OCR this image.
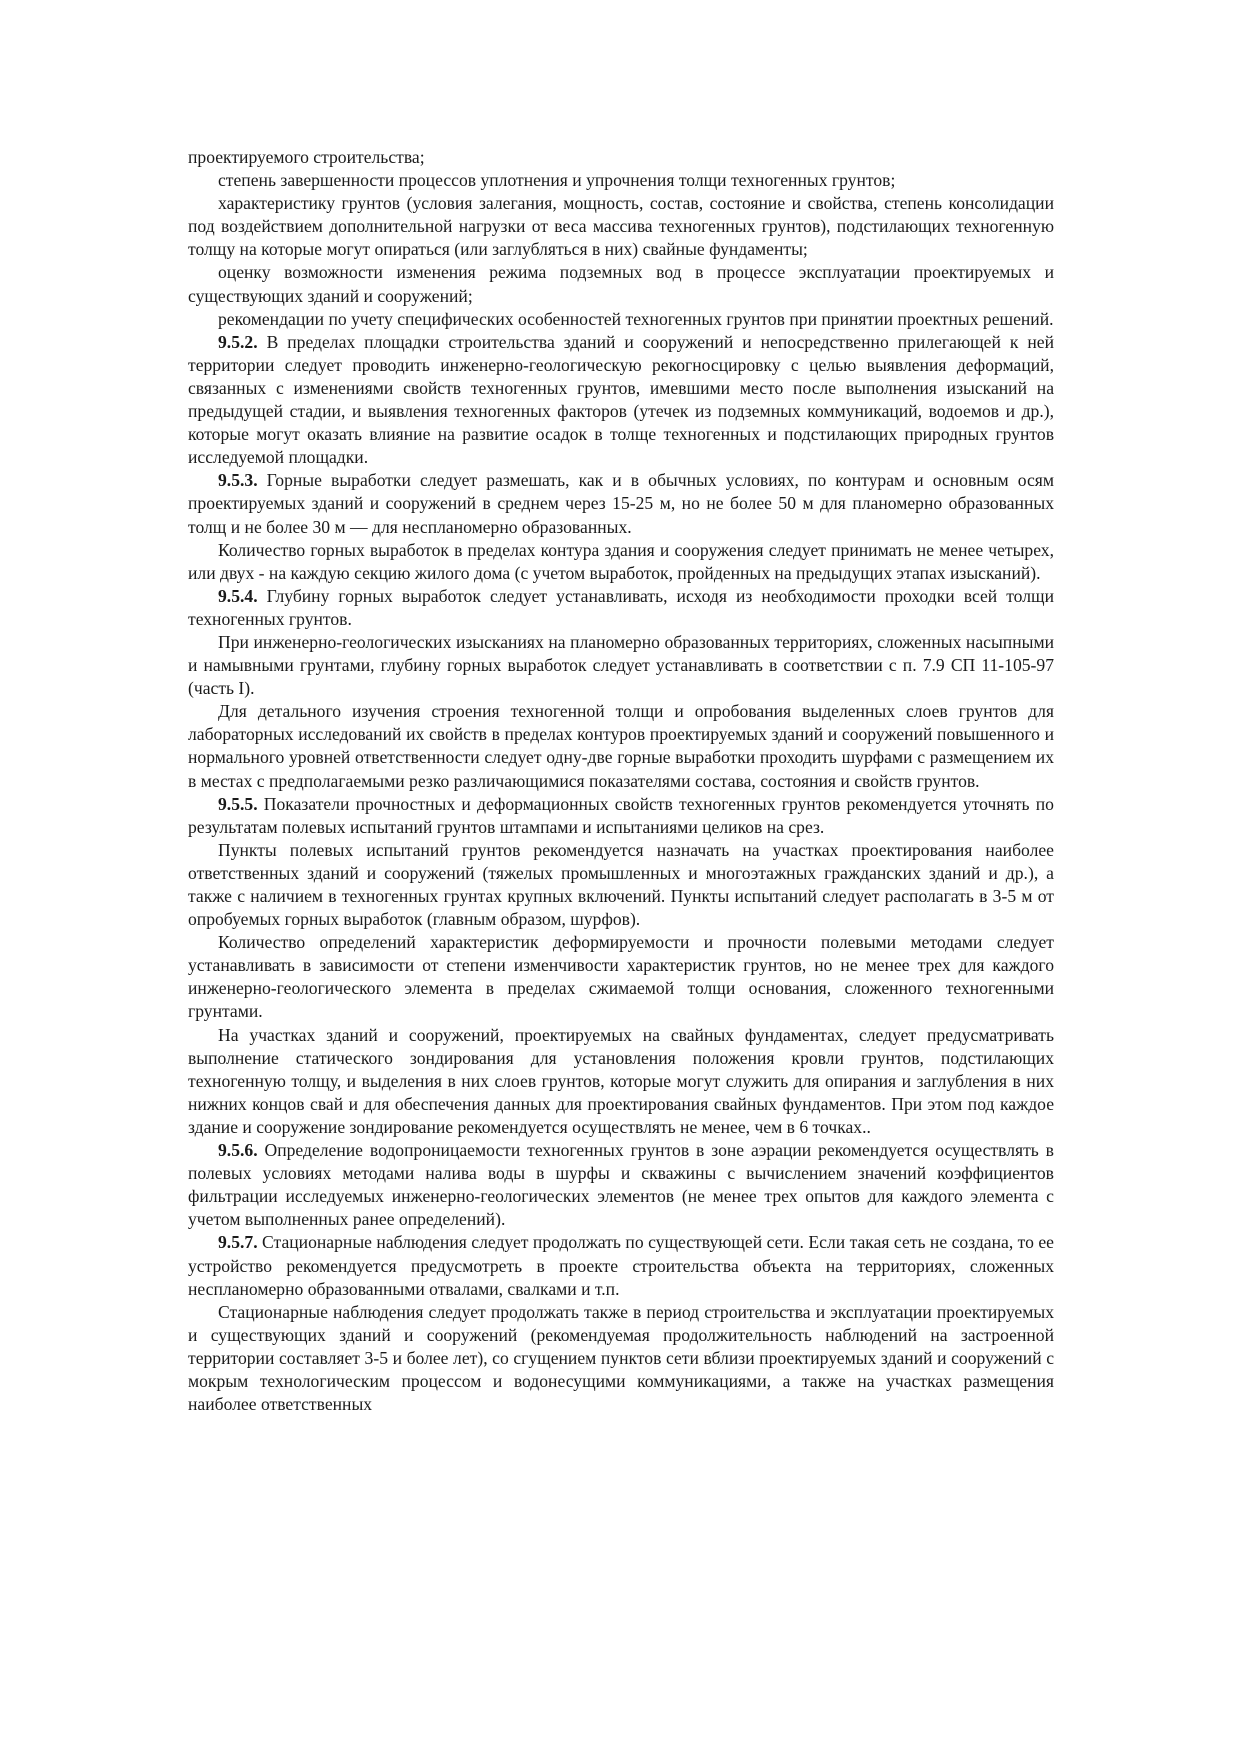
проектируемого строительства;

степень завершенности процессов уплотнения и упрочнения толщи техногенных грунтов;

характеристику грунтов (условия залегания, мощность, состав, состояние и свойства, степень консолидации под воздействием дополнительной нагрузки от веса массива техногенных грунтов), подстилающих техногенную толщу на которые могут опираться (или заглубляться в них) свайные фундаменты;

оценку возможности изменения режима подземных вод в процессе эксплуатации проектируемых и существующих зданий и сооружений;

рекомендации по учету специфических особенностей техногенных грунтов при принятии проектных решений.

9.5.2. В пределах площадки строительства зданий и сооружений и непосредственно прилегающей к ней территории следует проводить инженерно-геологическую рекогносцировку с целью выявления деформаций, связанных с изменениями свойств техногенных грунтов, имевшими место после выполнения изысканий на предыдущей стадии, и выявления техногенных факторов (утечек из подземных коммуникаций, водоемов и др.), которые могут оказать влияние на развитие осадок в толще техногенных и подстилающих природных грунтов исследуемой площадки.

9.5.3. Горные выработки следует размешать, как и в обычных условиях, по контурам и основным осям проектируемых зданий и сооружений в среднем через 15-25 м, но не более 50 м для планомерно образованных толщ и не более 30 м — для неспланомерно образованных.

Количество горных выработок в пределах контура здания и сооружения следует принимать не менее четырех, или двух - на каждую секцию жилого дома (с учетом выработок, пройденных на предыдущих этапах изысканий).

9.5.4. Глубину горных выработок следует устанавливать, исходя из необходимости проходки всей толщи техногенных грунтов.

При инженерно-геологических изысканиях на планомерно образованных территориях, сложенных насыпными и намывными грунтами, глубину горных выработок следует устанавливать в соответствии с п. 7.9 СП 11-105-97 (часть I).

Для детального изучения строения техногенной толщи и опробования выделенных слоев грунтов для лабораторных исследований их свойств в пределах контуров проектируемых зданий и сооружений повышенного и нормального уровней ответственности следует одну-две горные выработки проходить шурфами с размещением их в местах с предполагаемыми резко различающимися показателями состава, состояния и свойств грунтов.

9.5.5. Показатели прочностных и деформационных свойств техногенных грунтов рекомендуется уточнять по результатам полевых испытаний грунтов штампами и испытаниями целиков на срез.

Пункты полевых испытаний грунтов рекомендуется назначать на участках проектирования наиболее ответственных зданий и сооружений (тяжелых промышленных и многоэтажных гражданских зданий и др.), а также с наличием в техногенных грунтах крупных включений. Пункты испытаний следует располагать в 3-5 м от опробуемых горных выработок (главным образом, шурфов).

Количество определений характеристик деформируемости и прочности полевыми методами следует устанавливать в зависимости от степени изменчивости характеристик грунтов, но не менее трех для каждого инженерно-геологического элемента в пределах сжимаемой толщи основания, сложенного техногенными грунтами.

На участках зданий и сооружений, проектируемых на свайных фундаментах, следует предусматривать выполнение статического зондирования для установления положения кровли грунтов, подстилающих техногенную толщу, и выделения в них слоев грунтов, которые могут служить для опирания и заглубления в них нижних концов свай и для обеспечения данных для проектирования свайных фундаментов. При этом под каждое здание и сооружение зондирование рекомендуется осуществлять не менее, чем в 6 точках..

9.5.6. Определение водопроницаемости техногенных грунтов в зоне аэрации рекомендуется осуществлять в полевых условиях методами налива воды в шурфы и скважины с вычислением значений коэффициентов фильтрации исследуемых инженерно-геологических элементов (не менее трех опытов для каждого элемента с учетом выполненных ранее определений).

9.5.7. Стационарные наблюдения следует продолжать по существующей сети. Если такая сеть не создана, то ее устройство рекомендуется предусмотреть в проекте строительства объекта на территориях, сложенных неспланомерно образованными отвалами, свалками и т.п.

Стационарные наблюдения следует продолжать также в период строительства и эксплуатации проектируемых и существующих зданий и сооружений (рекомендуемая продолжительность наблюдений на застроенной территории составляет 3-5 и более лет), со сгущением пунктов сети вблизи проектируемых зданий и сооружений с мокрым технологическим процессом и водонесущими коммуникациями, а также на участках размещения наиболее ответственных
